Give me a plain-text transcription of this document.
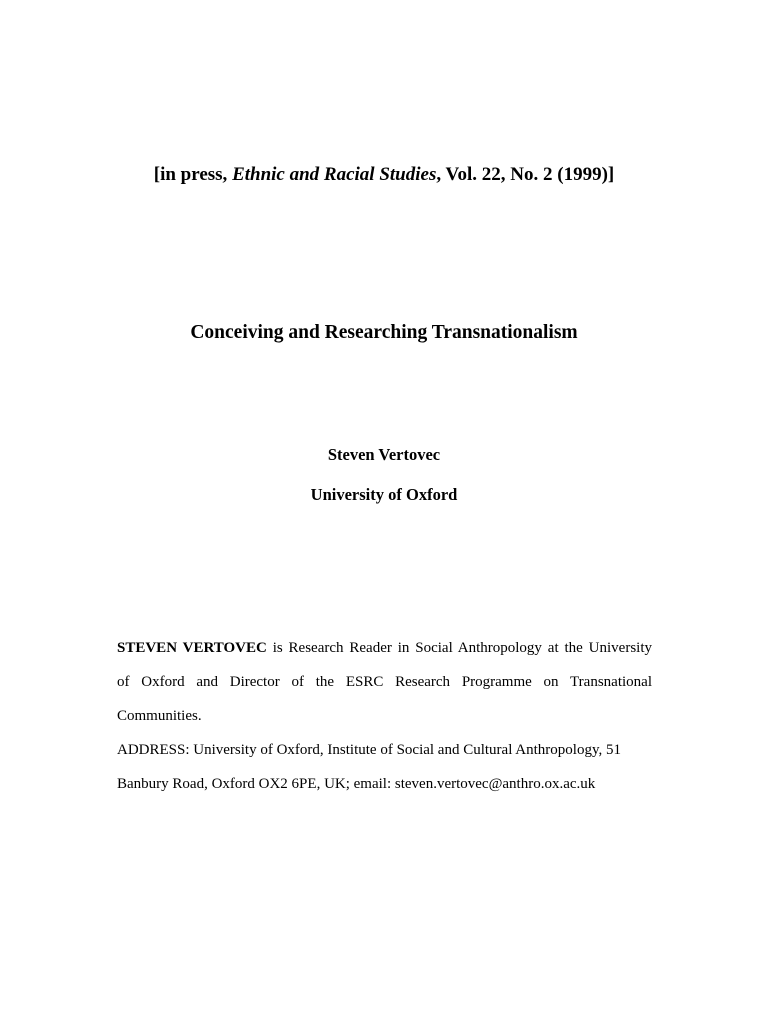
[in press, Ethnic and Racial Studies, Vol. 22, No. 2 (1999)]
Conceiving and Researching Transnationalism
Steven Vertovec
University of Oxford
STEVEN VERTOVEC is Research Reader in Social Anthropology at the University
of Oxford and Director of the ESRC Research Programme on Transnational
Communities.
ADDRESS: University of Oxford, Institute of Social and Cultural Anthropology, 51
Banbury Road, Oxford OX2 6PE, UK; email: steven.vertovec@anthro.ox.ac.uk
